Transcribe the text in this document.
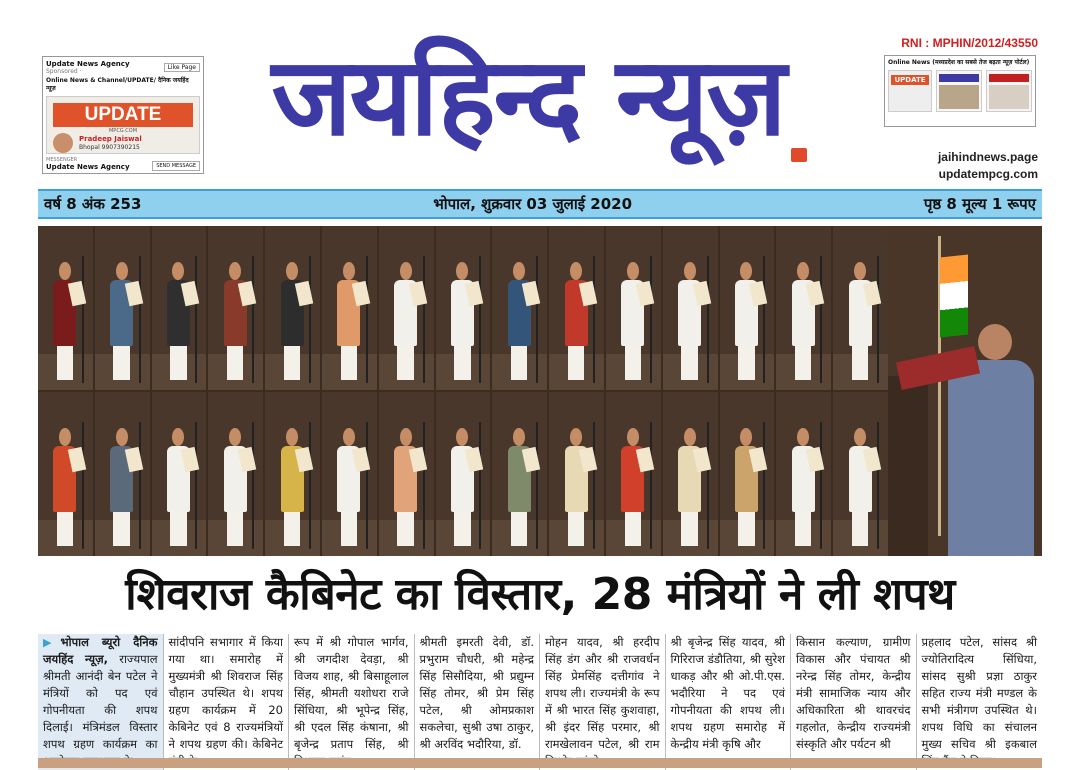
Update News Agency
Sponsored ·
Like Page
Online News & Channel/UPDATE/ दैनिक जयहिंद न्यूज़
UPDATE
MPCG.COM
Pradeep Jaiswal
Bhopal 9907390215
MESSENGER
Update News Agency	SEND MESSAGE
जयहिन्द न्यूज़	RNI : MPHIN/2012/43550
Online News (मध्यप्रदेश का सबसे तेज बढ़ता न्यूज़ पोर्टल)
UPDATE
jaihindnews.page
updatempcg.com
वर्ष 8 अंक 253	भोपाल, शुक्रवार 03 जुलाई 2020	पृष्ठ 8 मूल्य 1 रूपए
शिवराज कैबिनेट का विस्तार, 28 मंत्रियों ने ली शपथ
▶भोपाल ब्यूरो दैनिक जयहिंद न्यूज़, राज्यपाल श्रीमती आनंदी बेन पटेल ने मंत्रियों को पद एवं गोपनीयता की शपथ दिलाई। मंत्रिमंडल विस्तार शपथ ग्रहण कार्यक्रम का
सांदीपनि सभागार में किया गया था। समारोह में मुख्यमंत्री श्री शिवराज सिंह चौहान उपस्थित थे। शपथ ग्रहण कार्यक्रम में 20 केबिनेट एवं 8 राज्यमंत्रियों ने शपथ ग्रहण की। केबिनेट
रूप में श्री गोपाल भार्गव, श्री जगदीश देवड़ा, श्री विजय शाह, श्री बिसाहूलाल सिंह, श्रीमती यशोधरा राजे सिंधिया, श्री भूपेन्द्र सिंह, श्री एदल सिंह कंषाना, श्री बृजेन्द्र प्रताप सिंह, श्री
श्रीमती इमरती देवी, डॉ. प्रभुराम चौधरी, श्री महेन्द्र सिंह सिसौदिया, श्री प्रद्युम्न सिंह तोमर, श्री प्रेम सिंह पटेल, श्री ओमप्रकाश सकलेचा, सुश्री उषा ठाकुर, श्री अरविंद भदौरिया, डॉ.
मोहन यादव, श्री हरदीप सिंह डंग और श्री राजवर्धन सिंह प्रेमसिंह दत्तीगांव ने शपथ ली। राज्यमंत्री के रूप में श्री भारत सिंह कुशवाहा, श्री इंदर सिंह परमार, श्री रामखेलावन पटेल, श्री राम
श्री बृजेन्द्र सिंह यादव, श्री गिरिराज डंडौतिया, श्री सुरेश धाकड़ और श्री ओ.पी.एस. भदौरिया ने पद एवं गोपनीयता की शपथ ली। शपथ ग्रहण समारोह में केन्द्रीय मंत्री कृषि और
किसान कल्याण, ग्रामीण विकास और पंचायत श्री नरेन्द्र सिंह तोमर, केन्द्रीय मंत्री सामाजिक न्याय और अधिकारिता श्री थावरचंद गहलोत, केन्द्रीय राज्यमंत्री संस्कृति और पर्यटन श्री
प्रहलाद पटेल, सांसद श्री ज्योतिरादित्य सिंधिया, सांसद सुश्री प्रज्ञा ठाकुर सहित राज्य मंत्री मण्डल के सभी मंत्रीगण उपस्थित थे। शपथ विधि का संचालन मुख्य सचिव श्री इकबाल
